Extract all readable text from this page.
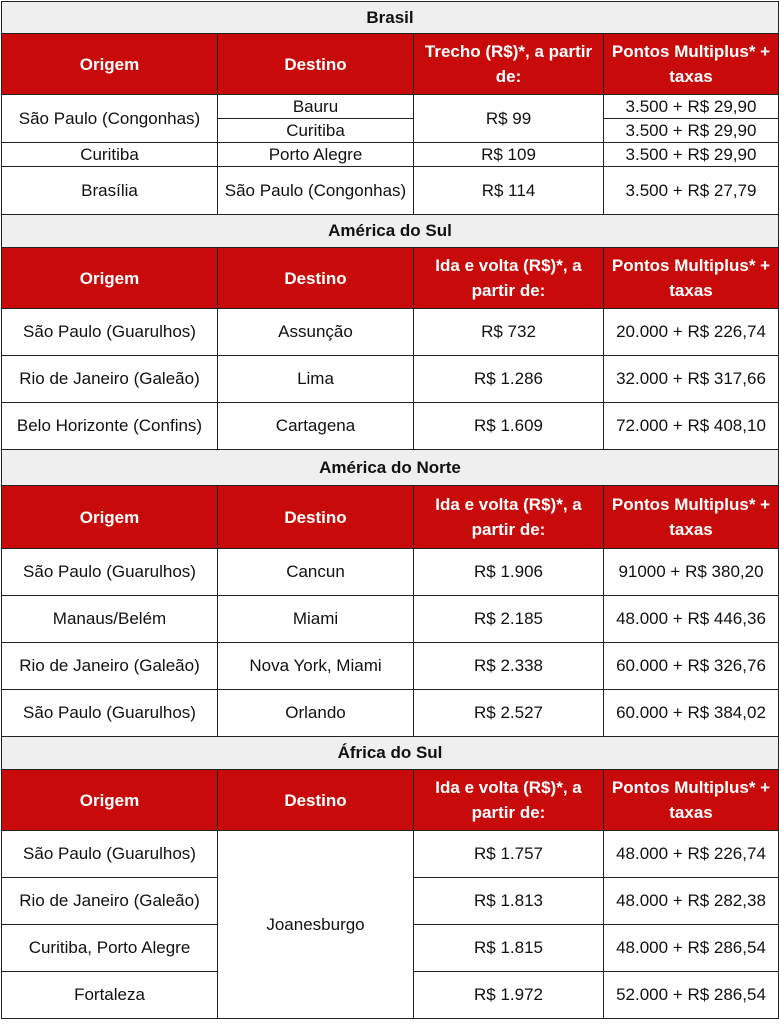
Brasil			
Origem	Destino	Trecho (R$)*, a partir de:	Pontos Multiplus* + taxas
São Paulo (Congonhas)	Bauru	R$ 99	3.500 + R$ 29,90
	Curitiba		3.500 + R$ 29,90
Curitiba	Porto Alegre	R$ 109	3.500 + R$ 29,90
Brasília	São Paulo (Congonhas)	R$ 114	3.500 + R$ 27,79
América do Sul			
Origem	Destino	Ida e volta (R$)*, a partir de:	Pontos Multiplus* + taxas
São Paulo (Guarulhos)	Assunção	R$ 732	20.000 + R$ 226,74
Rio de Janeiro (Galeão)	Lima	R$ 1.286	32.000 + R$ 317,66
Belo Horizonte (Confins)	Cartagena	R$ 1.609	72.000 + R$ 408,10
América do Norte			
Origem	Destino	Ida e volta (R$)*, a partir de:	Pontos Multiplus* + taxas
São Paulo (Guarulhos)	Cancun	R$ 1.906	91000 + R$ 380,20
Manaus/Belém	Miami	R$ 2.185	48.000 + R$ 446,36
Rio de Janeiro (Galeão)	Nova York, Miami	R$ 2.338	60.000 + R$ 326,76
São Paulo (Guarulhos)	Orlando	R$ 2.527	60.000 + R$ 384,02
África do Sul			
Origem	Destino	Ida e volta (R$)*, a partir de:	Pontos Multiplus* + taxas
São Paulo (Guarulhos)	Joanesburgo	R$ 1.757	48.000 + R$ 226,74
Rio de Janeiro (Galeão)		R$ 1.813	48.000 + R$ 282,38
Curitiba, Porto Alegre		R$ 1.815	48.000 + R$ 286,54
Fortaleza		R$ 1.972	52.000 + R$ 286,54
